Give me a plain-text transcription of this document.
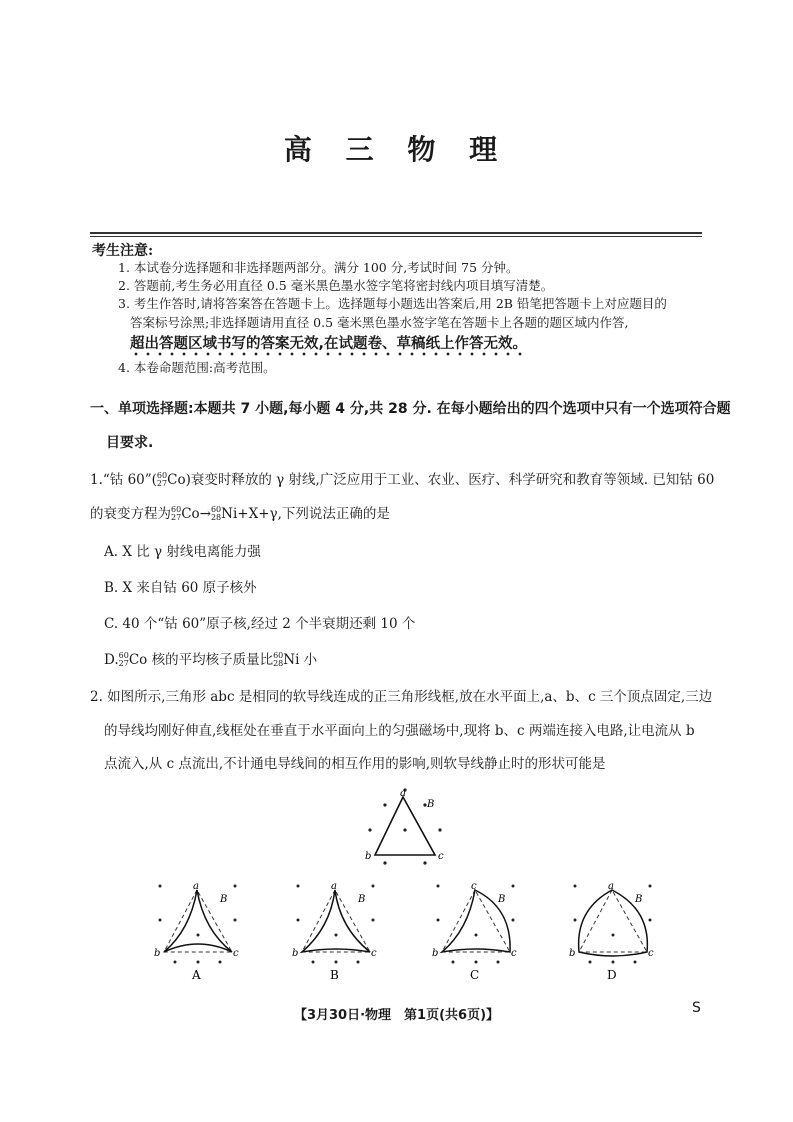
高 三 物 理
考生注意:
1. 本试卷分选择题和非选择题两部分。满分 100 分,考试时间 75 分钟。
2. 答题前,考生务必用直径 0.5 毫米黑色墨水签字笔将密封线内项目填写清楚。
3. 考生作答时,请将答案答在答题卡上。选择题每小题选出答案后,用 2B 铅笔把答题卡上对应题目的
答案标号涂黑;非选择题请用直径 0.5 毫米黑色墨水签字笔在答题卡上各题的题区域内作答,
超出答题区域书写的答案无效,在试题卷、草稿纸上作答无效。
4. 本卷命题范围:高考范围。
一、单项选择题:本题共 7 小题,每小题 4 分,共 28 分. 在每小题给出的四个选项中只有一个选项符合题
目要求.
1.“钴 60”( 60
27 Co)衰变时释放的 γ 射线,广泛应用于工业、农业、医疗、科学研究和教育等领域. 已知钴 60
的衰变方程为 60
27 Co→ 60
28 Ni+X+γ,下列说法正确的是
A. X 比 γ 射线电离能力强
B. X 来自钴 60 原子核外
C. 40 个“钴 60”原子核,经过 2 个半衰期还剩 10 个
D. 60
27 Co 核的平均核子质量比 60
28 Ni 小
2. 如图所示,三角形 abc 是相同的软导线连成的正三角形线框,放在水平面上,a、b、c 三个顶点固定,三边
的导线均刚好伸直,线框处在垂直于水平面向上的匀强磁场中,现将 b、c 两端连接入电路,让电流从 b
点流入,从 c 点流出,不计通电导线间的相互作用的影响,则软导线静止时的形状可能是
a
b	c
B
a
b	c
B
A
a
b	c
B
B
c
b	c
B
C
a
b	c
B
D
【3月30日·物理　第1页(共6页)】	S
